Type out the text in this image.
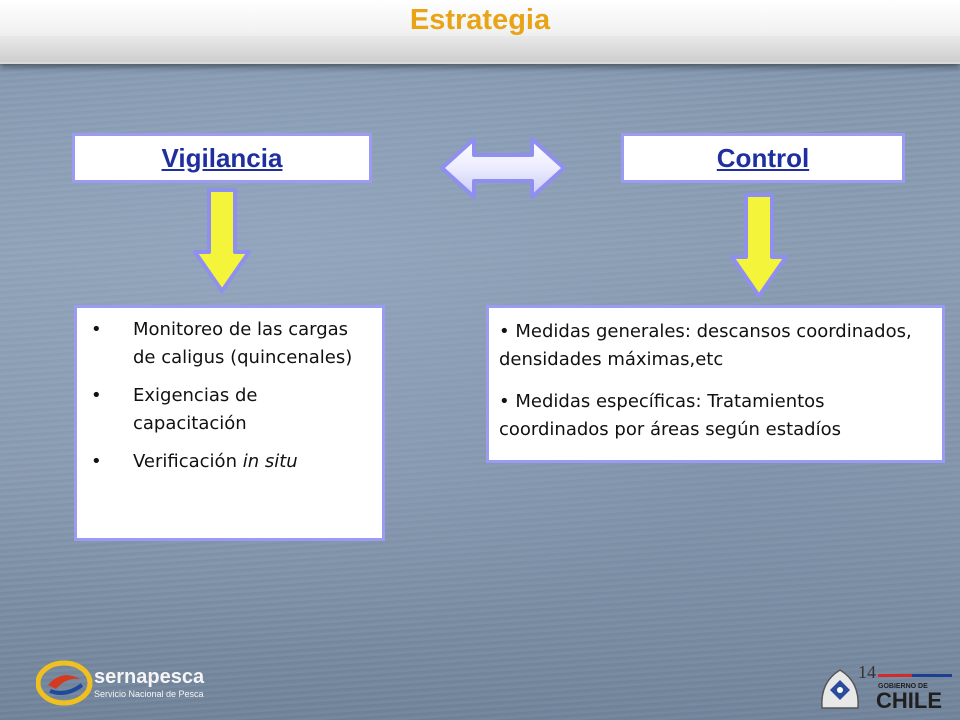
Estrategia
Vigilancia	Control
• Monitoreo de las cargas de caligus (quincenales)
• Exigencias de capacitación
• Verificación in situ
• Medidas generales: descansos coordinados, densidades máximas,etc
• Medidas específicas: Tratamientos coordinados por áreas según estadíos
sernapesca
Servicio Nacional de Pesca
GOBIERNO DE
CHILE
14
